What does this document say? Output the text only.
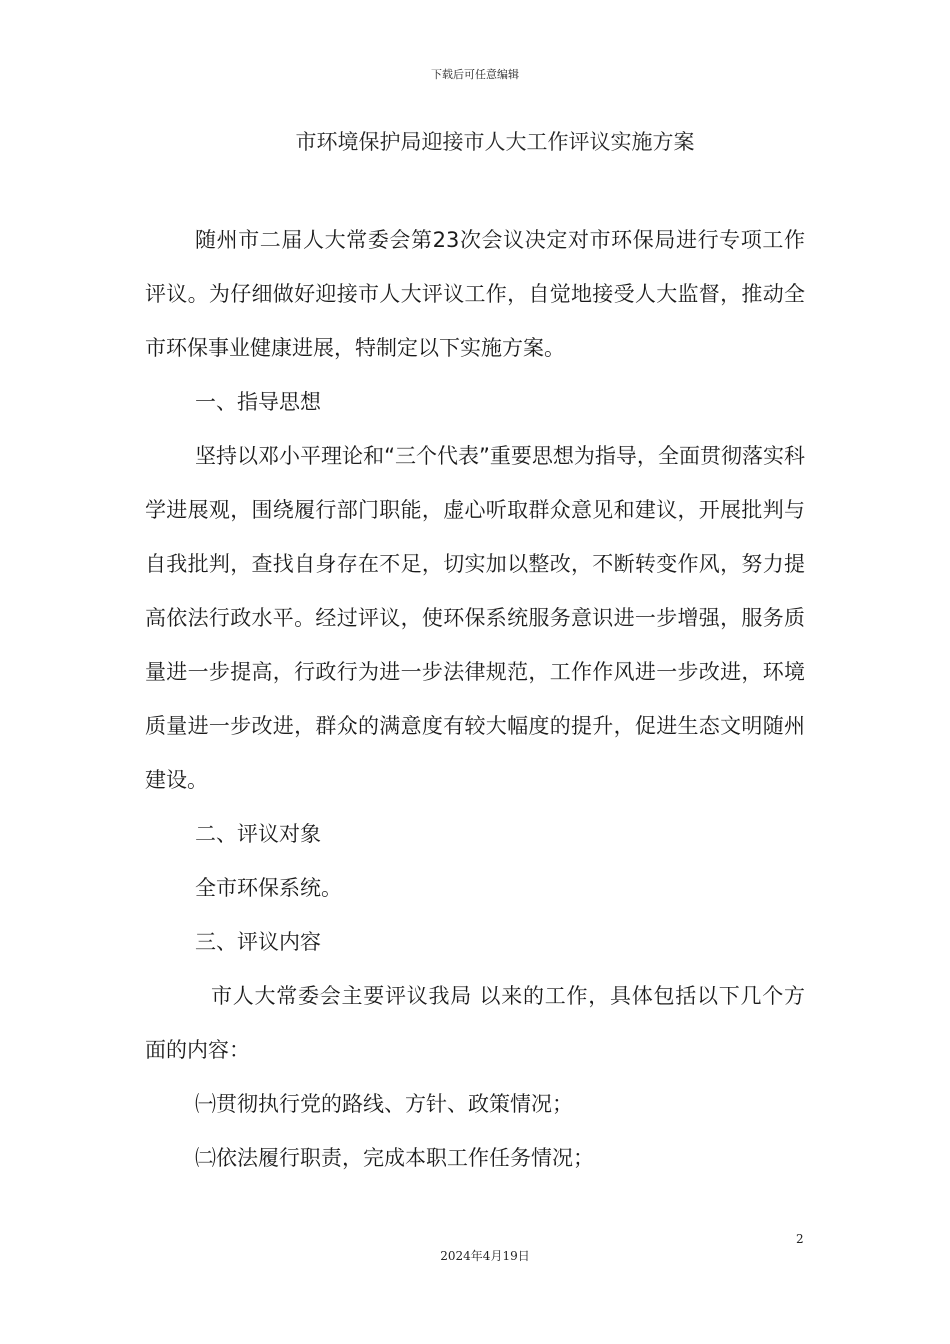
下载后可任意编辑
市环境保护局迎接市人大工作评议实施方案

随州市二届人大常委会第23次会议决定对市环保局进行专项工作评议。为仔细做好迎接市人大评议工作，自觉地接受人大监督，推动全市环保事业健康进展，特制定以下实施方案。

一、指导思想

坚持以邓小平理论和“三个代表”重要思想为指导，全面贯彻落实科学进展观，围绕履行部门职能，虚心听取群众意见和建议，开展批判与自我批判，查找自身存在不足，切实加以整改，不断转变作风，努力提高依法行政水平。经过评议，使环保系统服务意识进一步增强，服务质量进一步提高，行政行为进一步法律规范，工作作风进一步改进，环境质量进一步改进，群众的满意度有较大幅度的提升，促进生态文明随州建设。

二、评议对象

全市环保系统。

三、评议内容

市人大常委会主要评议我局 以来的工作，具体包括以下几个方面的内容：

㈠贯彻执行党的路线、方针、政策情况；

㈡依法履行职责，完成本职工作任务情况；

2
2024年4月19日
